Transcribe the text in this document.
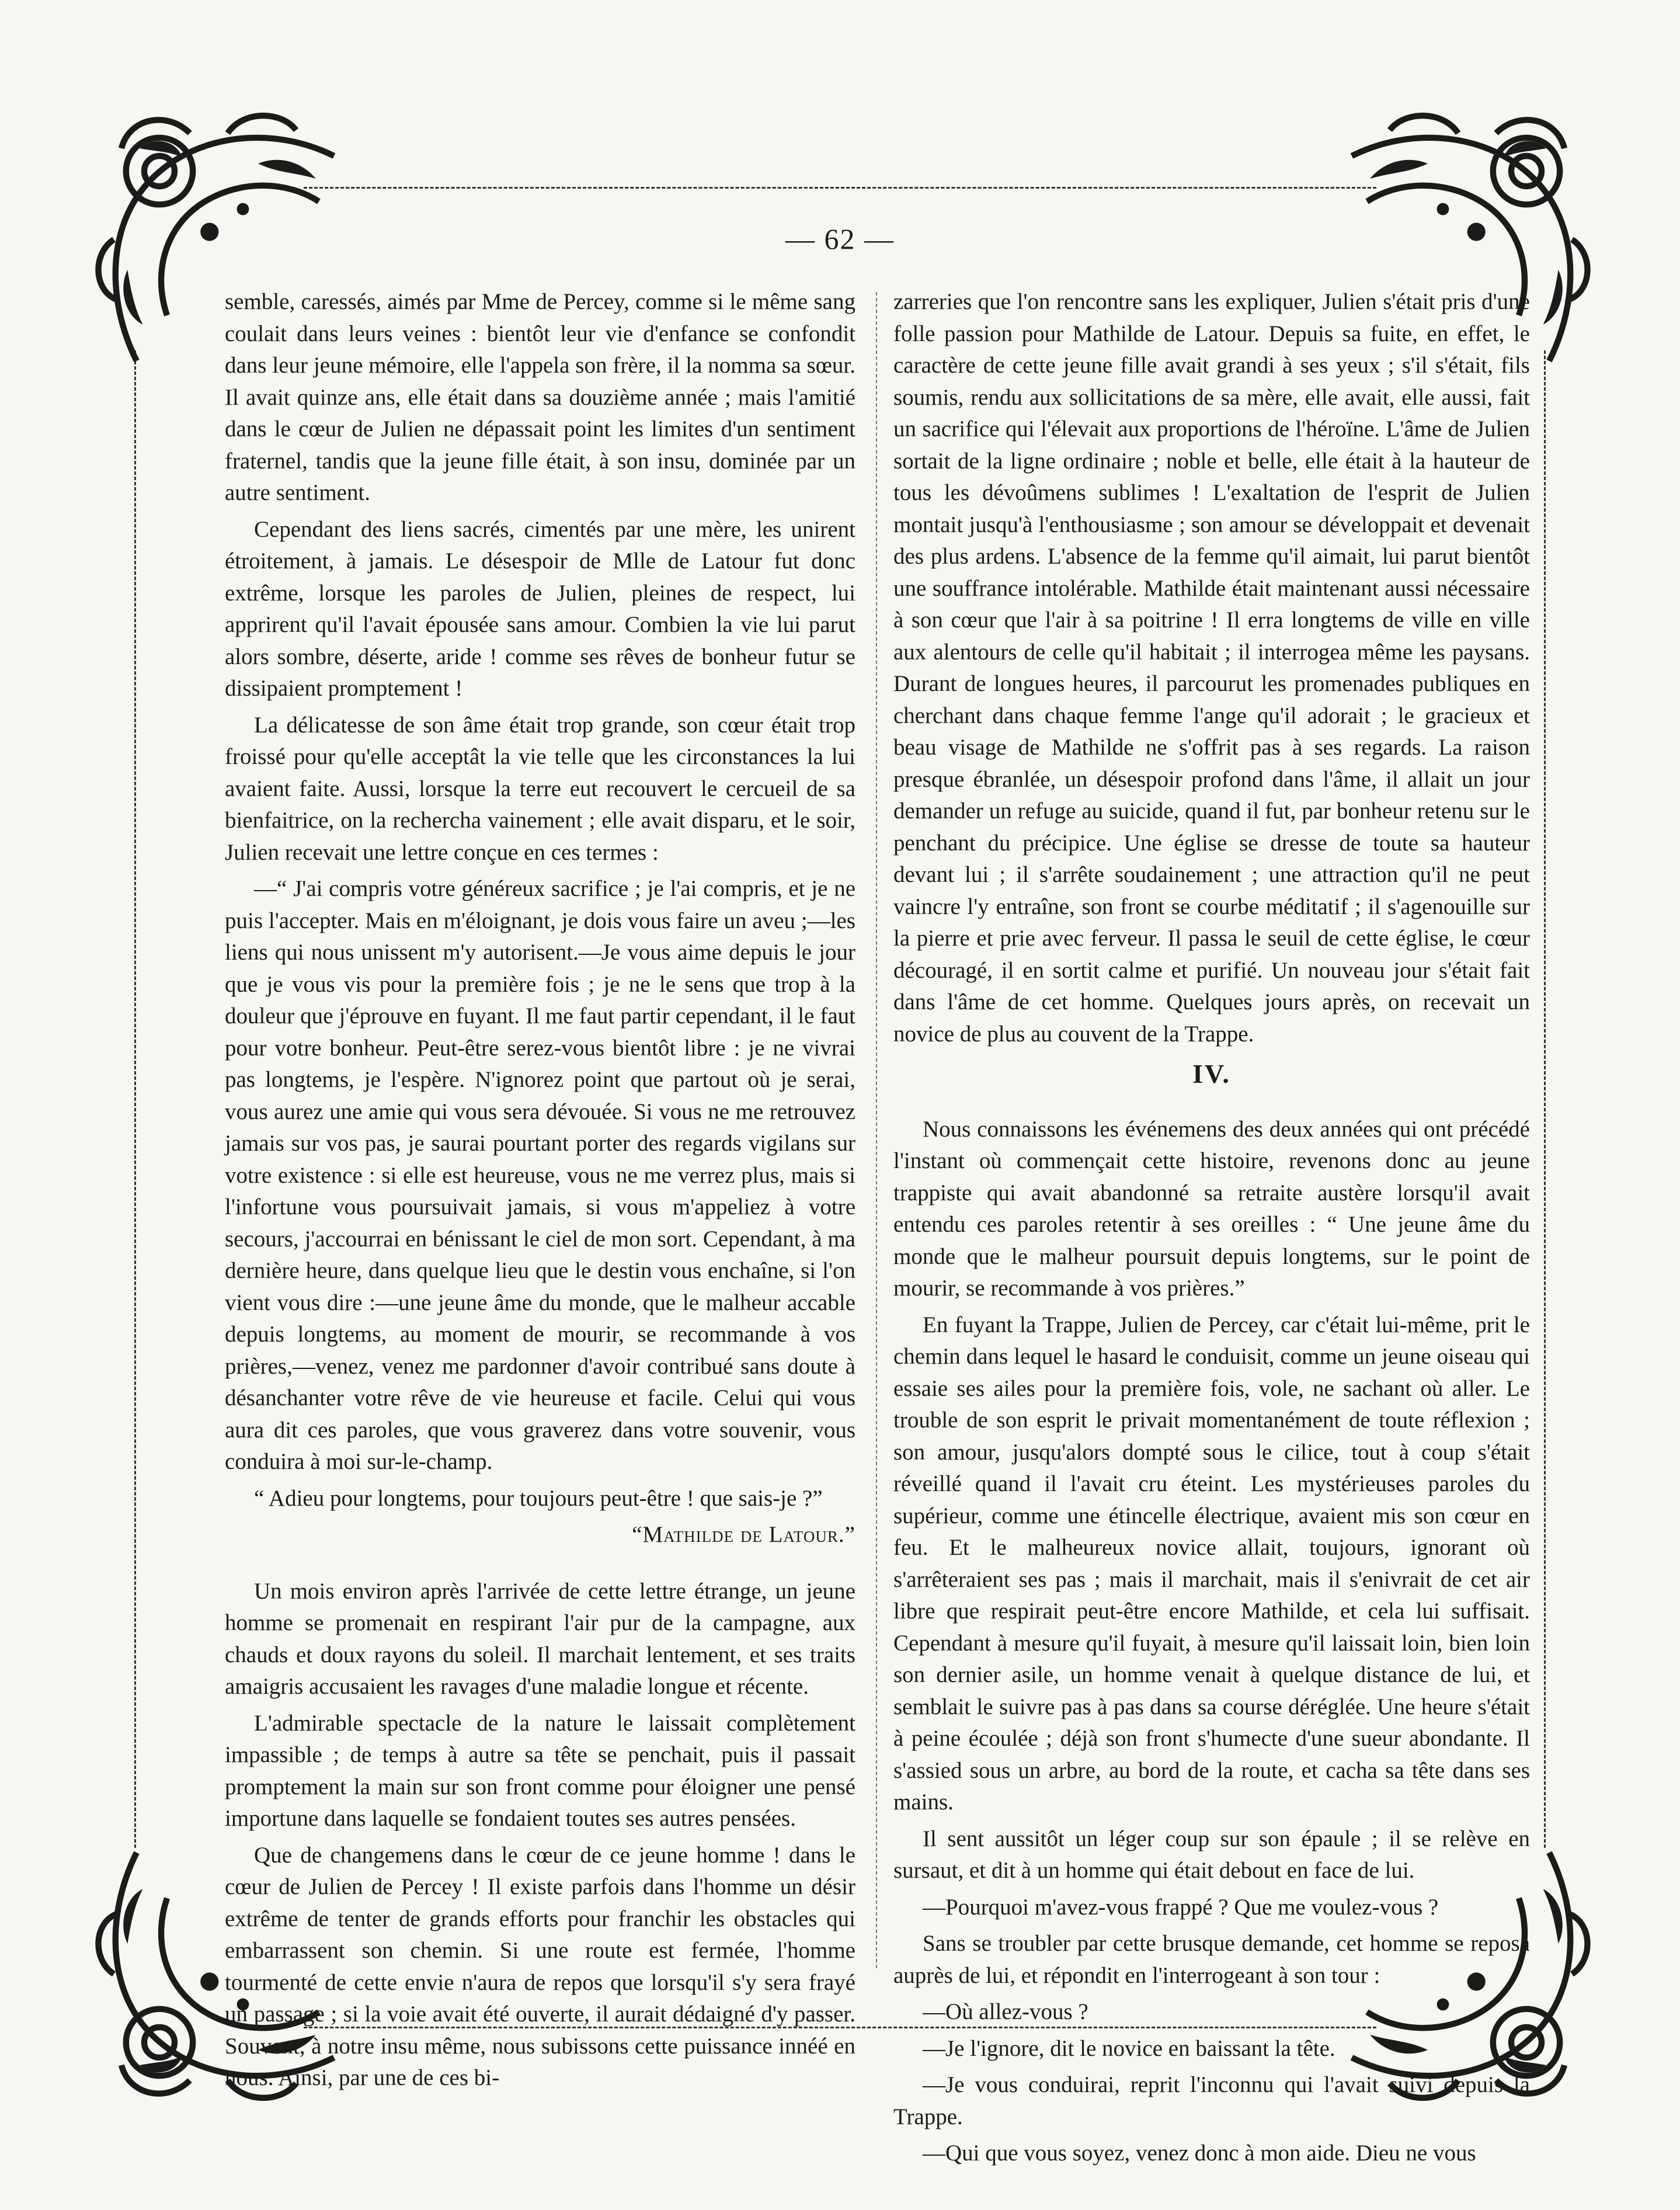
— 62 —

semble, caressés, aimés par Mme de Percey, comme si le même sang coulait dans leurs veines : bientôt leur vie d'enfance se confondit dans leur jeune mémoire, elle l'appela son frère, il la nomma sa sœur. Il avait quinze ans, elle était dans sa douzième année ; mais l'amitié dans le cœur de Julien ne dépassait point les limites d'un sentiment fraternel, tandis que la jeune fille était, à son insu, dominée par un autre sentiment.

Cependant des liens sacrés, cimentés par une mère, les unirent étroitement, à jamais. Le désespoir de Mlle de Latour fut donc extrême, lorsque les paroles de Julien, pleines de respect, lui apprirent qu'il l'avait épousée sans amour. Combien la vie lui parut alors sombre, déserte, aride ! comme ses rêves de bonheur futur se dissipaient promptement !

La délicatesse de son âme était trop grande, son cœur était trop froissé pour qu'elle acceptât la vie telle que les circonstances la lui avaient faite. Aussi, lorsque la terre eut recouvert le cercueil de sa bienfaitrice, on la rechercha vainement ; elle avait disparu, et le soir, Julien recevait une lettre conçue en ces termes :

—“ J'ai compris votre généreux sacrifice ; je l'ai compris, et je ne puis l'accepter. Mais en m'éloignant, je dois vous faire un aveu ;—les liens qui nous unissent m'y autorisent.—Je vous aime depuis le jour que je vous vis pour la première fois ; je ne le sens que trop à la douleur que j'éprouve en fuyant. Il me faut partir cependant, il le faut pour votre bonheur. Peut-être serez-vous bientôt libre : je ne vivrai pas longtems, je l'espère. N'ignorez point que partout où je serai, vous aurez une amie qui vous sera dévouée. Si vous ne me retrouvez jamais sur vos pas, je saurai pourtant porter des regards vigilans sur votre existence : si elle est heureuse, vous ne me verrez plus, mais si l'infortune vous poursuivait jamais, si vous m'appeliez à votre secours, j'accourrai en bénissant le ciel de mon sort. Cependant, à ma dernière heure, dans quelque lieu que le destin vous enchaîne, si l'on vient vous dire :—une jeune âme du monde, que le malheur accable depuis longtems, au moment de mourir, se recommande à vos prières,—venez, venez me pardonner d'avoir contribué sans doute à désanchanter votre rêve de vie heureuse et facile. Celui qui vous aura dit ces paroles, que vous graverez dans votre souvenir, vous conduira à moi sur-le-champ.

“ Adieu pour longtems, pour toujours peut-être ! que sais-je ?”

“Mathilde de Latour.”

Un mois environ après l'arrivée de cette lettre étrange, un jeune homme se promenait en respirant l'air pur de la campagne, aux chauds et doux rayons du soleil. Il marchait lentement, et ses traits amaigris accusaient les ravages d'une maladie longue et récente.

L'admirable spectacle de la nature le laissait complètement impassible ; de temps à autre sa tête se penchait, puis il passait promptement la main sur son front comme pour éloigner une pensé importune dans laquelle se fondaient toutes ses autres pensées.

Que de changemens dans le cœur de ce jeune homme ! dans le cœur de Julien de Percey ! Il existe parfois dans l'homme un désir extrême de tenter de grands efforts pour franchir les obstacles qui embarrassent son chemin. Si une route est fermée, l'homme tourmenté de cette envie n'aura de repos que lorsqu'il s'y sera frayé un passage ; si la voie avait été ouverte, il aurait dédaigné d'y passer. Souvent, à notre insu même, nous subissons cette puissance innéé en nous. Ainsi, par une de ces bi-

zarreries que l'on rencontre sans les expliquer, Julien s'était pris d'une folle passion pour Mathilde de Latour. Depuis sa fuite, en effet, le caractère de cette jeune fille avait grandi à ses yeux ; s'il s'était, fils soumis, rendu aux sollicitations de sa mère, elle avait, elle aussi, fait un sacrifice qui l'élevait aux proportions de l'héroïne. L'âme de Julien sortait de la ligne ordinaire ; noble et belle, elle était à la hauteur de tous les dévoûmens sublimes ! L'exaltation de l'esprit de Julien montait jusqu'à l'enthousiasme ; son amour se développait et devenait des plus ardens. L'absence de la femme qu'il aimait, lui parut bientôt une souffrance intolérable. Mathilde était maintenant aussi nécessaire à son cœur que l'air à sa poitrine ! Il erra longtems de ville en ville aux alentours de celle qu'il habitait ; il interrogea même les paysans. Durant de longues heures, il parcourut les promenades publiques en cherchant dans chaque femme l'ange qu'il adorait ; le gracieux et beau visage de Mathilde ne s'offrit pas à ses regards. La raison presque ébranlée, un désespoir profond dans l'âme, il allait un jour demander un refuge au suicide, quand il fut, par bonheur retenu sur le penchant du précipice. Une église se dresse de toute sa hauteur devant lui ; il s'arrête soudainement ; une attraction qu'il ne peut vaincre l'y entraîne, son front se courbe méditatif ; il s'agenouille sur la pierre et prie avec ferveur. Il passa le seuil de cette église, le cœur découragé, il en sortit calme et purifié. Un nouveau jour s'était fait dans l'âme de cet homme. Quelques jours après, on recevait un novice de plus au couvent de la Trappe.

IV.

Nous connaissons les événemens des deux années qui ont précédé l'instant où commençait cette histoire, revenons donc au jeune trappiste qui avait abandonné sa retraite austère lorsqu'il avait entendu ces paroles retentir à ses oreilles : “ Une jeune âme du monde que le malheur poursuit depuis longtems, sur le point de mourir, se recommande à vos prières.”

En fuyant la Trappe, Julien de Percey, car c'était lui-même, prit le chemin dans lequel le hasard le conduisit, comme un jeune oiseau qui essaie ses ailes pour la première fois, vole, ne sachant où aller. Le trouble de son esprit le privait momentanément de toute réflexion ; son amour, jusqu'alors dompté sous le cilice, tout à coup s'était réveillé quand il l'avait cru éteint. Les mystérieuses paroles du supérieur, comme une étincelle électrique, avaient mis son cœur en feu. Et le malheureux novice allait, toujours, ignorant où s'arrêteraient ses pas ; mais il marchait, mais il s'enivrait de cet air libre que respirait peut-être encore Mathilde, et cela lui suffisait. Cependant à mesure qu'il fuyait, à mesure qu'il laissait loin, bien loin son dernier asile, un homme venait à quelque distance de lui, et semblait le suivre pas à pas dans sa course déréglée. Une heure s'était à peine écoulée ; déjà son front s'humecte d'une sueur abondante. Il s'assied sous un arbre, au bord de la route, et cacha sa tête dans ses mains.

Il sent aussitôt un léger coup sur son épaule ; il se relève en sursaut, et dit à un homme qui était debout en face de lui.

—Pourquoi m'avez-vous frappé ? Que me voulez-vous ?

Sans se troubler par cette brusque demande, cet homme se reposa auprès de lui, et répondit en l'interrogeant à son tour :

—Où allez-vous ?

—Je l'ignore, dit le novice en baissant la tête.

—Je vous conduirai, reprit l'inconnu qui l'avait suivi depuis la Trappe.

—Qui que vous soyez, venez donc à mon aide. Dieu ne vous
